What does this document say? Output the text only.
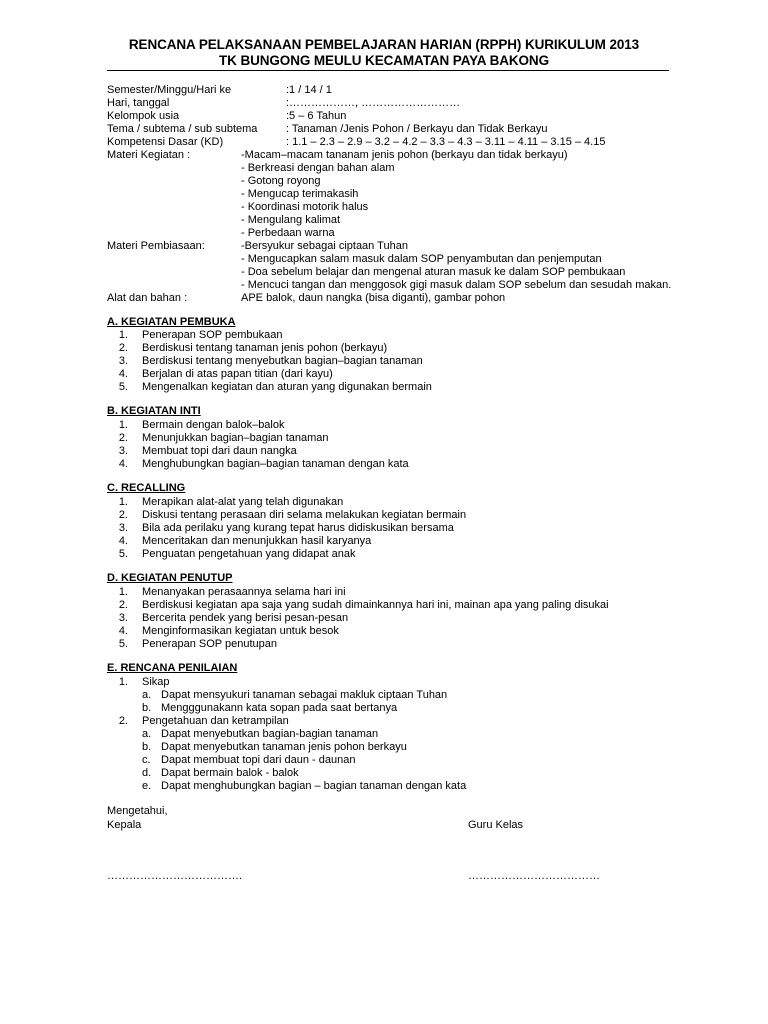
RENCANA PELAKSANAAN PEMBELAJARAN HARIAN (RPPH) KURIKULUM 2013
TK BUNGONG MEULU KECAMATAN PAYA BAKONG
Semester/Minggu/Hari ke	:1 / 14 / 1
Hari, tanggal	:………………, ………………………
Kelompok usia	:5 – 6 Tahun
Tema / subtema / sub subtema	: Tanaman /Jenis Pohon / Berkayu dan Tidak Berkayu
Kompetensi Dasar (KD)	: 1.1 – 2.3 – 2.9 – 3.2 – 4.2 – 3.3 – 4.3 – 3.11 – 4.11 – 3.15 – 4.15
Materi Kegiatan :	-Macam–macam tananam jenis pohon (berkayu dan tidak berkayu)
- Berkreasi dengan bahan alam
- Gotong royong
- Mengucap terimakasih
- Koordinasi motorik halus
- Mengulang kalimat
- Perbedaan warna
Materi Pembiasaan:	-Bersyukur sebagai ciptaan Tuhan
- Mengucapkan salam masuk dalam SOP penyambutan dan penjemputan
- Doa sebelum belajar dan mengenal aturan masuk ke dalam SOP pembukaan
- Mencuci tangan dan menggosok gigi masuk dalam SOP sebelum dan sesudah makan.
Alat dan bahan :	APE balok, daun nangka (bisa diganti), gambar pohon
A. KEGIATAN PEMBUKA
1. Penerapan SOP pembukaan
2. Berdiskusi tentang tanaman jenis pohon (berkayu)
3. Berdiskusi tentang menyebutkan bagian–bagian tanaman
4. Berjalan di atas papan titian (dari kayu)
5. Mengenalkan kegiatan dan aturan yang digunakan bermain
B. KEGIATAN INTI
1. Bermain dengan balok–balok
2. Menunjukkan bagian–bagian tanaman
3. Membuat topi dari daun nangka
4. Menghubungkan bagian–bagian tanaman dengan kata
C. RECALLING
1. Merapikan alat-alat yang telah digunakan
2. Diskusi tentang perasaan diri selama melakukan kegiatan bermain
3. Bila ada perilaku yang kurang tepat harus didiskusikan bersama
4. Menceritakan dan menunjukkan hasil karyanya
5. Penguatan pengetahuan yang didapat anak
D. KEGIATAN PENUTUP
1. Menanyakan perasaannya selama hari ini
2. Berdiskusi kegiatan apa saja yang sudah dimainkannya hari ini, mainan apa yang paling disukai
3. Bercerita pendek yang berisi pesan-pesan
4. Menginformasikan kegiatan untuk besok
5. Penerapan SOP penutupan
E. RENCANA PENILAIAN
1. Sikap
a. Dapat mensyukuri tanaman sebagai makluk ciptaan Tuhan
b. Mengggunakann kata sopan pada saat bertanya
2. Pengetahuan dan ketrampilan
a. Dapat menyebutkan bagian-bagian tanaman
b. Dapat menyebutkan tanaman jenis pohon berkayu
c. Dapat membuat topi dari daun - daunan
d. Dapat bermain balok - balok
e. Dapat menghubungkan bagian – bagian tanaman dengan kata
Mengetahui,
Kepala	Guru Kelas
……………………………….	………………………………
